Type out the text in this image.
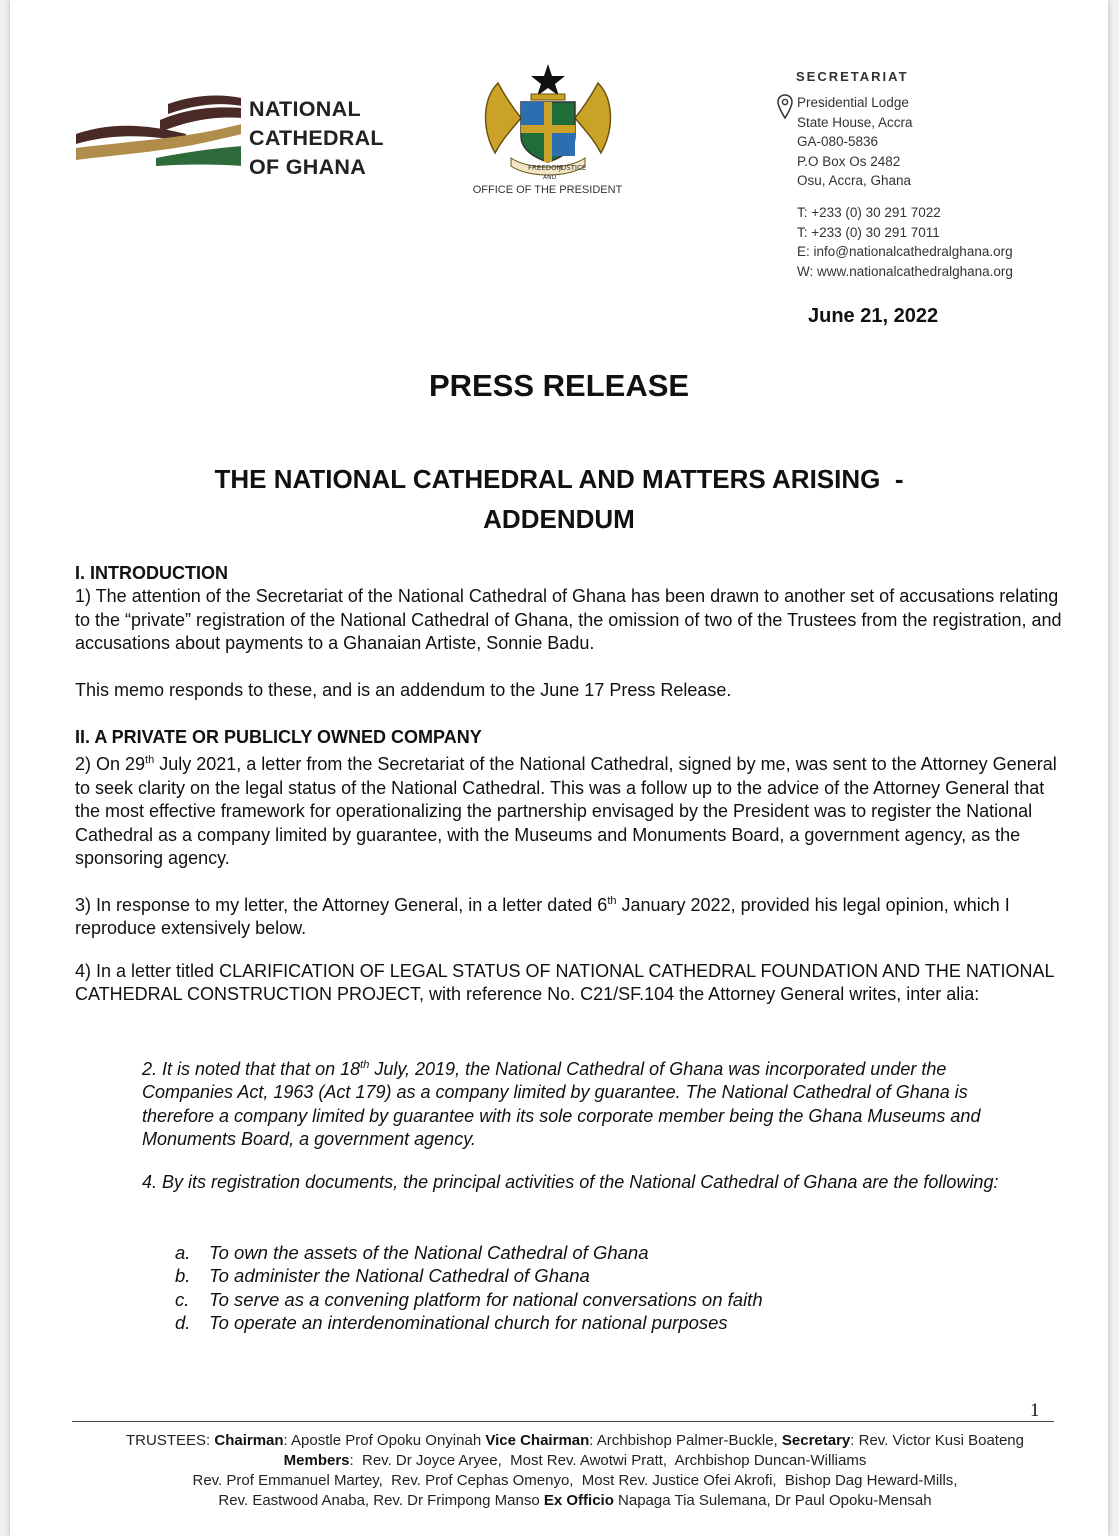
NATIONAL
CATHEDRAL
OF GHANA	FREEDOM
AND
JUSTICE
OFFICE OF THE PRESIDENT
SECRETARIAT
Presidential Lodge
State House, Accra
GA-080-5836
P.O Box Os 2482
Osu, Accra, Ghana
T: +233 (0) 30 291 7022
T: +233 (0) 30 291 7011
E: info@nationalcathedralghana.org
W: www.nationalcathedralghana.org
June 21, 2022
PRESS RELEASE
THE NATIONAL CATHEDRAL AND MATTERS ARISING  -
ADDENDUM

I. INTRODUCTION

1) The attention of the Secretariat of the National Cathedral of Ghana has been drawn to another set of accusations relating to the “private” registration of the National Cathedral of Ghana, the omission of two of the Trustees from the registration, and accusations about payments to a Ghanaian Artiste, Sonnie Badu.

This memo responds to these, and is an addendum to the June 17 Press Release.

II. A PRIVATE OR PUBLICLY OWNED COMPANY

2) On 29th July 2021, a letter from the Secretariat of the National Cathedral, signed by me, was sent to the Attorney General to seek clarity on the legal status of the National Cathedral. This was a follow up to the advice of the Attorney General that the most effective framework for operationalizing the partnership envisaged by the President was to register the National Cathedral as a company limited by guarantee, with the Museums and Monuments Board, a government agency, as the sponsoring agency.

3) In response to my letter, the Attorney General, in a letter dated 6th January 2022, provided his legal opinion, which I reproduce extensively below.
4) In a letter titled CLARIFICATION OF LEGAL STATUS OF NATIONAL CATHEDRAL FOUNDATION AND THE NATIONAL CATHEDRAL CONSTRUCTION PROJECT, with reference No. C21/SF.104 the Attorney General writes, inter alia:

2. It is noted that that on 18th July, 2019, the National Cathedral of Ghana was incorporated under the Companies Act, 1963 (Act 179) as a company limited by guarantee. The National Cathedral of Ghana is therefore a company limited by guarantee with its sole corporate member being the Ghana Museums and Monuments Board, a government agency.

4. By its registration documents, the principal activities of the National Cathedral of Ghana are the following:
a.	To own the assets of the National Cathedral of Ghana
b.	To administer the National Cathedral of Ghana
c.	To serve as a convening platform for national conversations on faith
d.	To operate an interdenominational church for national purposes
1
TRUSTEES: Chairman: Apostle Prof Opoku Onyinah Vice Chairman: Archbishop Palmer-Buckle, Secretary: Rev. Victor Kusi Boateng
Members:  Rev. Dr Joyce Aryee,  Most Rev. Awotwi Pratt,  Archbishop Duncan-Williams
Rev. Prof Emmanuel Martey,  Rev. Prof Cephas Omenyo,  Most Rev. Justice Ofei Akrofi,  Bishop Dag Heward-Mills,
Rev. Eastwood Anaba, Rev. Dr Frimpong Manso Ex Officio Napaga Tia Sulemana, Dr Paul Opoku-Mensah
